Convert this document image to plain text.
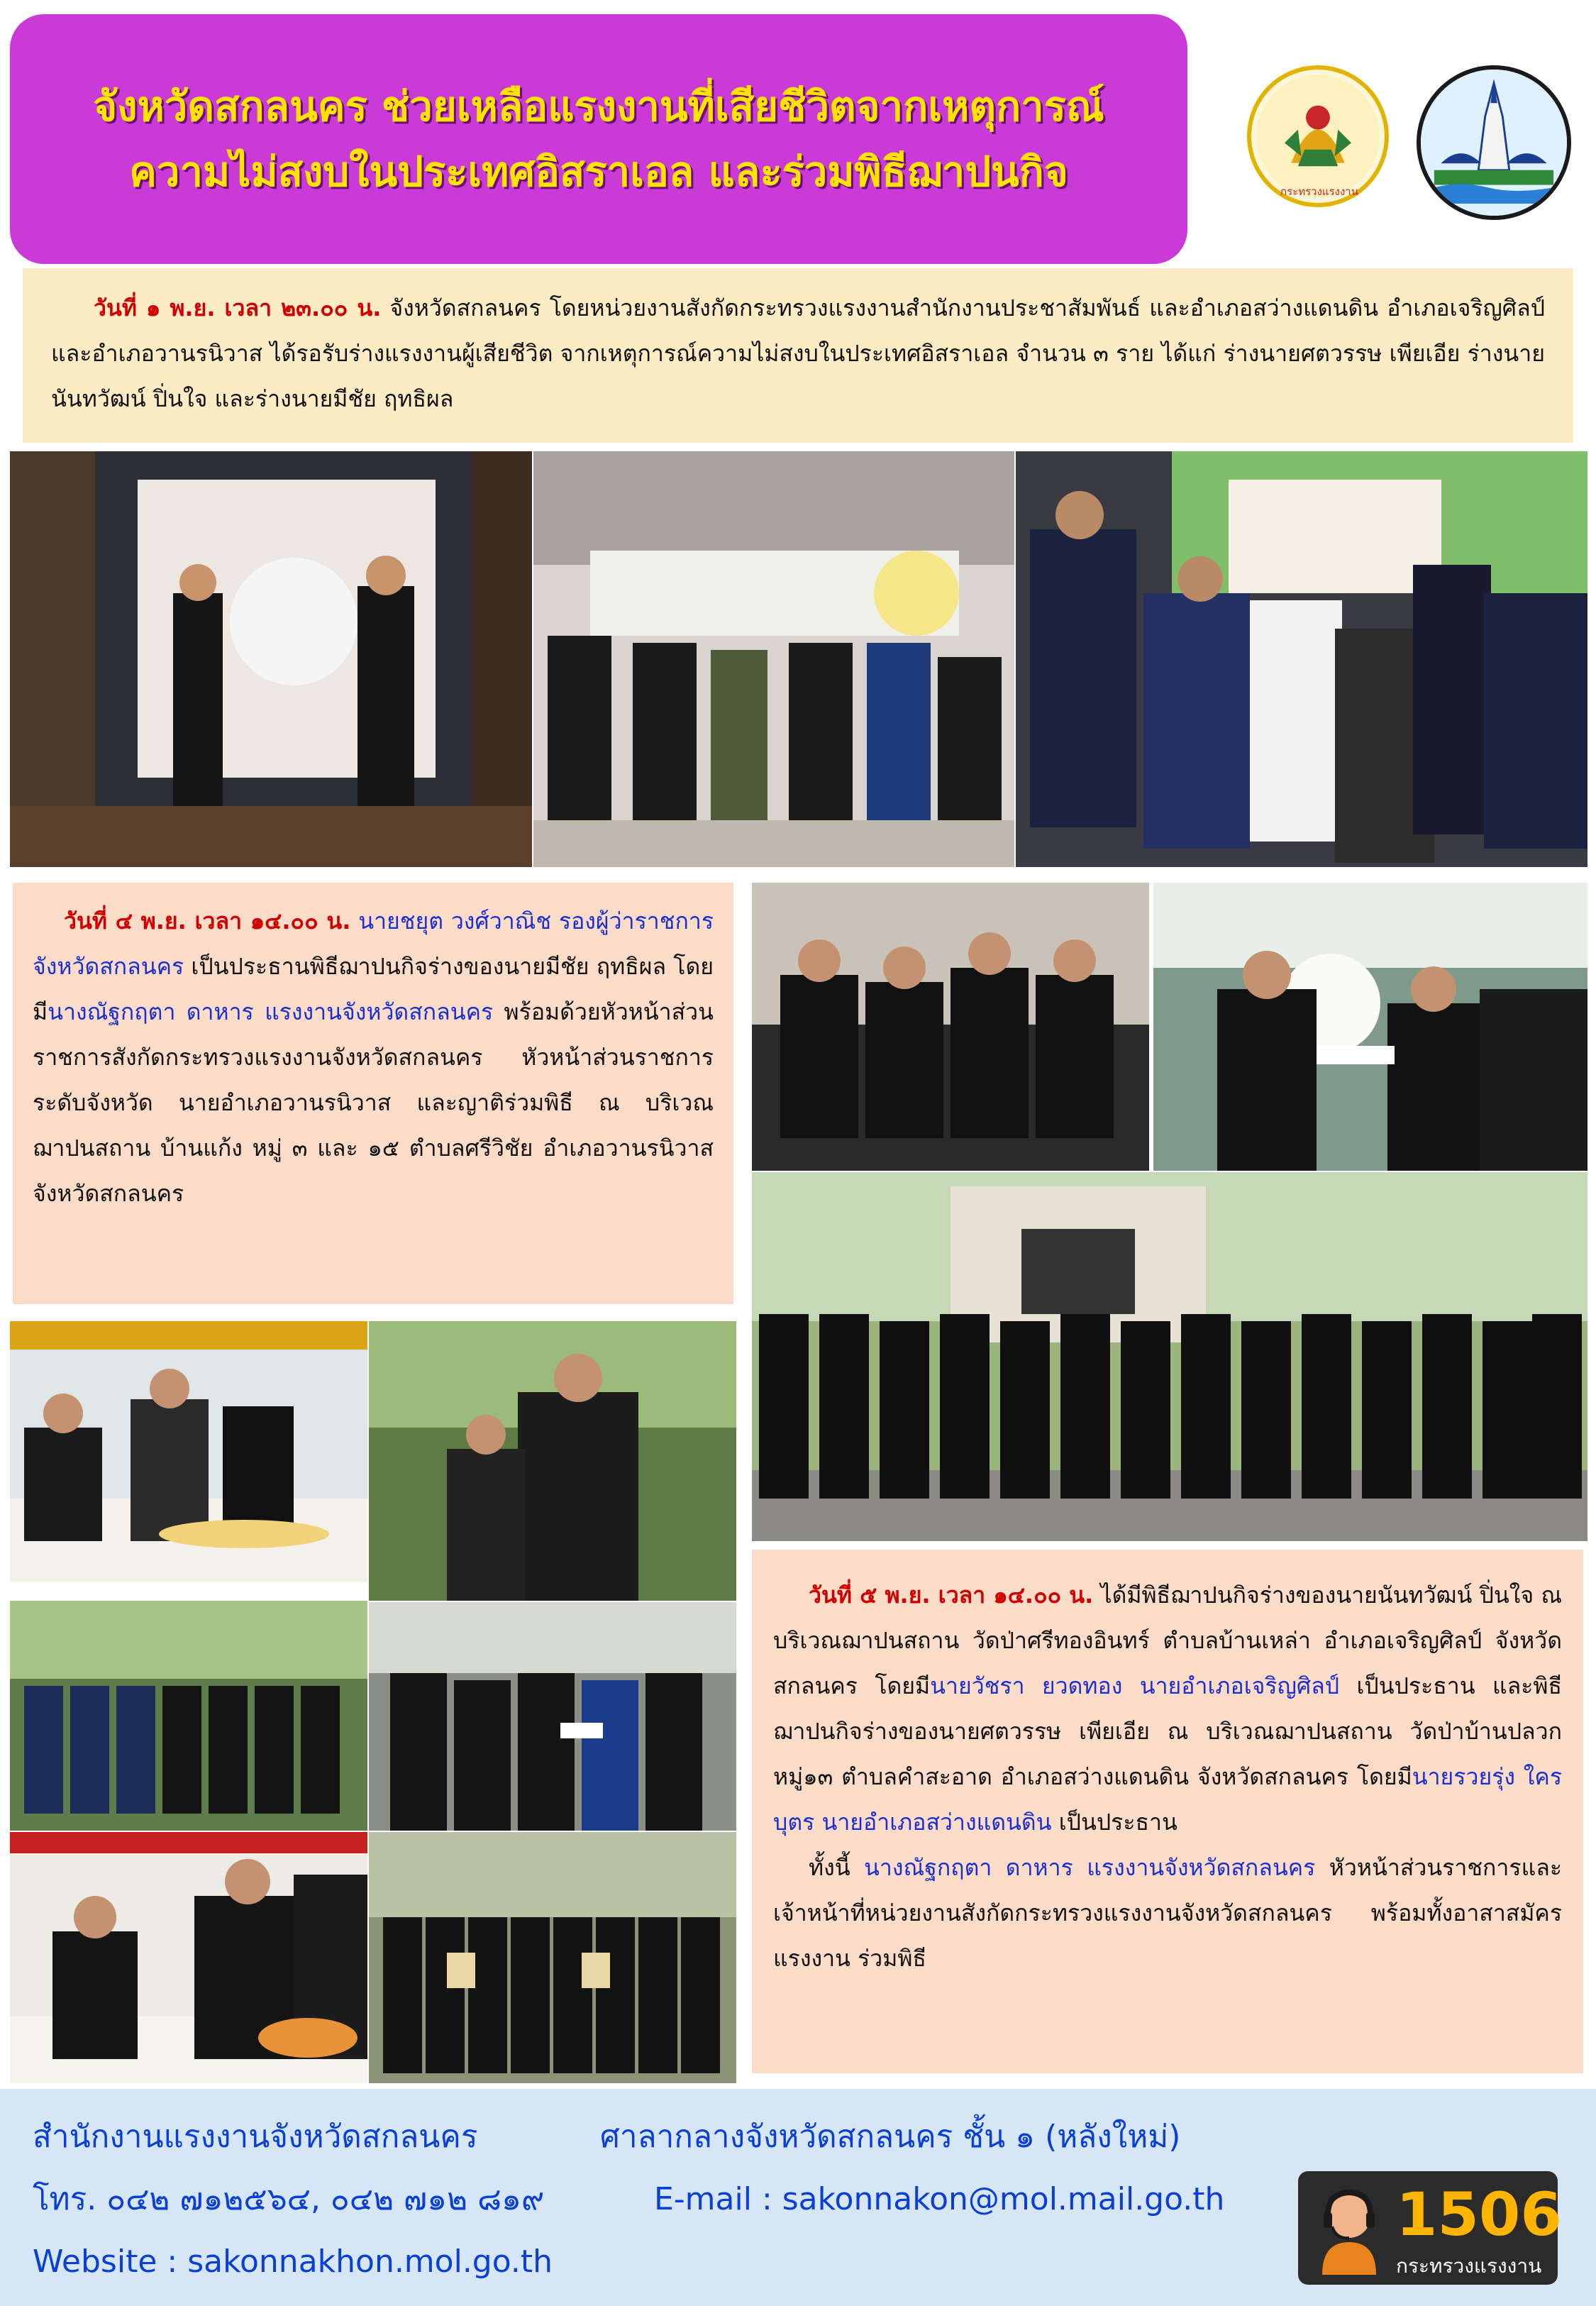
จังหวัดสกลนคร ช่วยเหลือแรงงานที่เสียชีวิตจากเหตุการณ์
ความไม่สงบในประเทศอิสราเอล และร่วมพิธีฌาปนกิจ	กระทรวงแรงงาน
วันที่ ๑ พ.ย. เวลา ๒๓.๐๐ น. จังหวัดสกลนคร โดยหน่วยงานสังกัดกระทรวงแรงงานสำนักงานประชาสัมพันธ์ และอำเภอสว่างแดนดิน อำเภอเจริญศิลป์ และอำเภอวานรนิวาส ได้รอรับร่างแรงงานผู้เสียชีวิต จากเหตุการณ์ความไม่สงบในประเทศอิสราเอล จำนวน ๓ ราย ได้แก่ ร่างนายศตวรรษ เพียเอีย ร่างนายนันทวัฒน์ ปิ่นใจ และร่างนายมีชัย ฤทธิผล
วันที่ ๔ พ.ย. เวลา ๑๔.๐๐ น. นายชยุต วงศ์วาณิช รองผู้ว่าราชการจังหวัดสกลนคร เป็นประธานพิธีฌาปนกิจร่างของนายมีชัย ฤทธิผล โดยมีนางณัฐกฤตา ดาหาร แรงงานจังหวัดสกลนคร พร้อมด้วยหัวหน้าส่วนราชการสังกัดกระทรวงแรงงานจังหวัดสกลนคร หัวหน้าส่วนราชการระดับจังหวัด นายอำเภอวานรนิวาส และญาติร่วมพิธี ณ บริเวณฌาปนสถาน บ้านแก้ง หมู่ ๓ และ ๑๕ ตำบลศรีวิชัย อำเภอวานรนิวาส จังหวัดสกลนคร
วันที่ ๕ พ.ย. เวลา ๑๔.๐๐ น. ได้มีพิธีฌาปนกิจร่างของนายนันทวัฒน์ ปิ่นใจ ณ บริเวณฌาปนสถาน วัดป่าศรีทองอินทร์ ตำบลบ้านเหล่า อำเภอเจริญศิลป์ จังหวัดสกลนคร โดยมีนายวัชรา ยวดทอง นายอำเภอเจริญศิลป์ เป็นประธาน และพิธีฌาปนกิจร่างของนายศตวรรษ เพียเอีย ณ บริเวณฌาปนสถาน วัดป่าบ้านปลวก หมู่๑๓ ตำบลคำสะอาด อำเภอสว่างแดนดิน จังหวัดสกลนคร โดยมีนายรวยรุ่ง ใครบุตร นายอำเภอสว่างแดนดิน เป็นประธาน
ทั้งนี้ นางณัฐกฤตา ดาหาร แรงงานจังหวัดสกลนคร หัวหน้าส่วนราชการและเจ้าหน้าที่หน่วยงานสังกัดกระทรวงแรงงานจังหวัดสกลนคร พร้อมทั้งอาสาสมัครแรงงาน ร่วมพิธี
สำนักงานแรงงานจังหวัดสกลนคร	ศาลากลางจังหวัดสกลนคร ชั้น ๑ (หลังใหม่)
โทร. ๐๔๒ ๗๑๒๕๖๔, ๐๔๒ ๗๑๒ ๘๑๙	E-mail : sakonnakon@mol.mail.go.th
Website : sakonnakhon.mol.go.th
1506
กระทรวงแรงงาน
